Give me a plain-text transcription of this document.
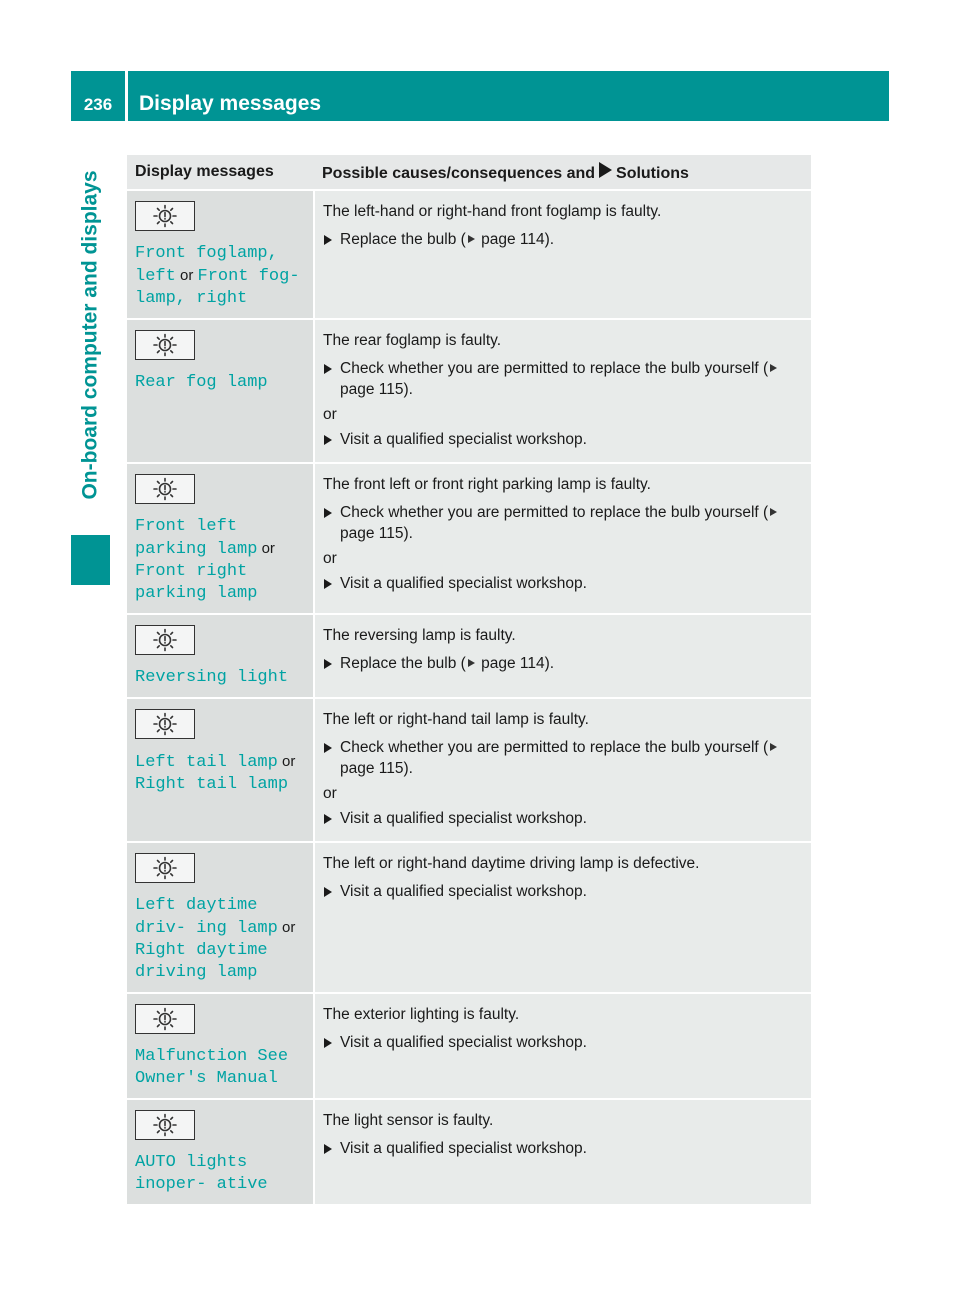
236	Display messages
On-board computer and displays Display messages	Possible causes/consequences and Solutions

Front foglamp, left or Front fog- lamp, right	The left-hand or right-hand front foglamp is faulty.

Replace the bulb ( page 114).

Rear fog lamp	The rear foglamp is faulty.

Check whether you are permitted to replace the bulb yourself ( page 115).

or

Visit a qualified specialist workshop.

Front left parking lamp or Front right parking lamp	The front left or front right parking lamp is faulty.

Check whether you are permitted to replace the bulb yourself ( page 115).

or

Visit a qualified specialist workshop.

Reversing light	The reversing lamp is faulty.

Replace the bulb ( page 114).

Left tail lamp or Right tail lamp	The left or right-hand tail lamp is faulty.

Check whether you are permitted to replace the bulb yourself ( page 115).

or

Visit a qualified specialist workshop.

Left daytime driv- ing lamp or Right daytime driving lamp	The left or right-hand daytime driving lamp is defective.

Visit a qualified specialist workshop.

Malfunction See Owner's Manual	The exterior lighting is faulty.

Visit a qualified specialist workshop.

AUTO lights inoper- ative	The light sensor is faulty.

Visit a qualified specialist workshop.
